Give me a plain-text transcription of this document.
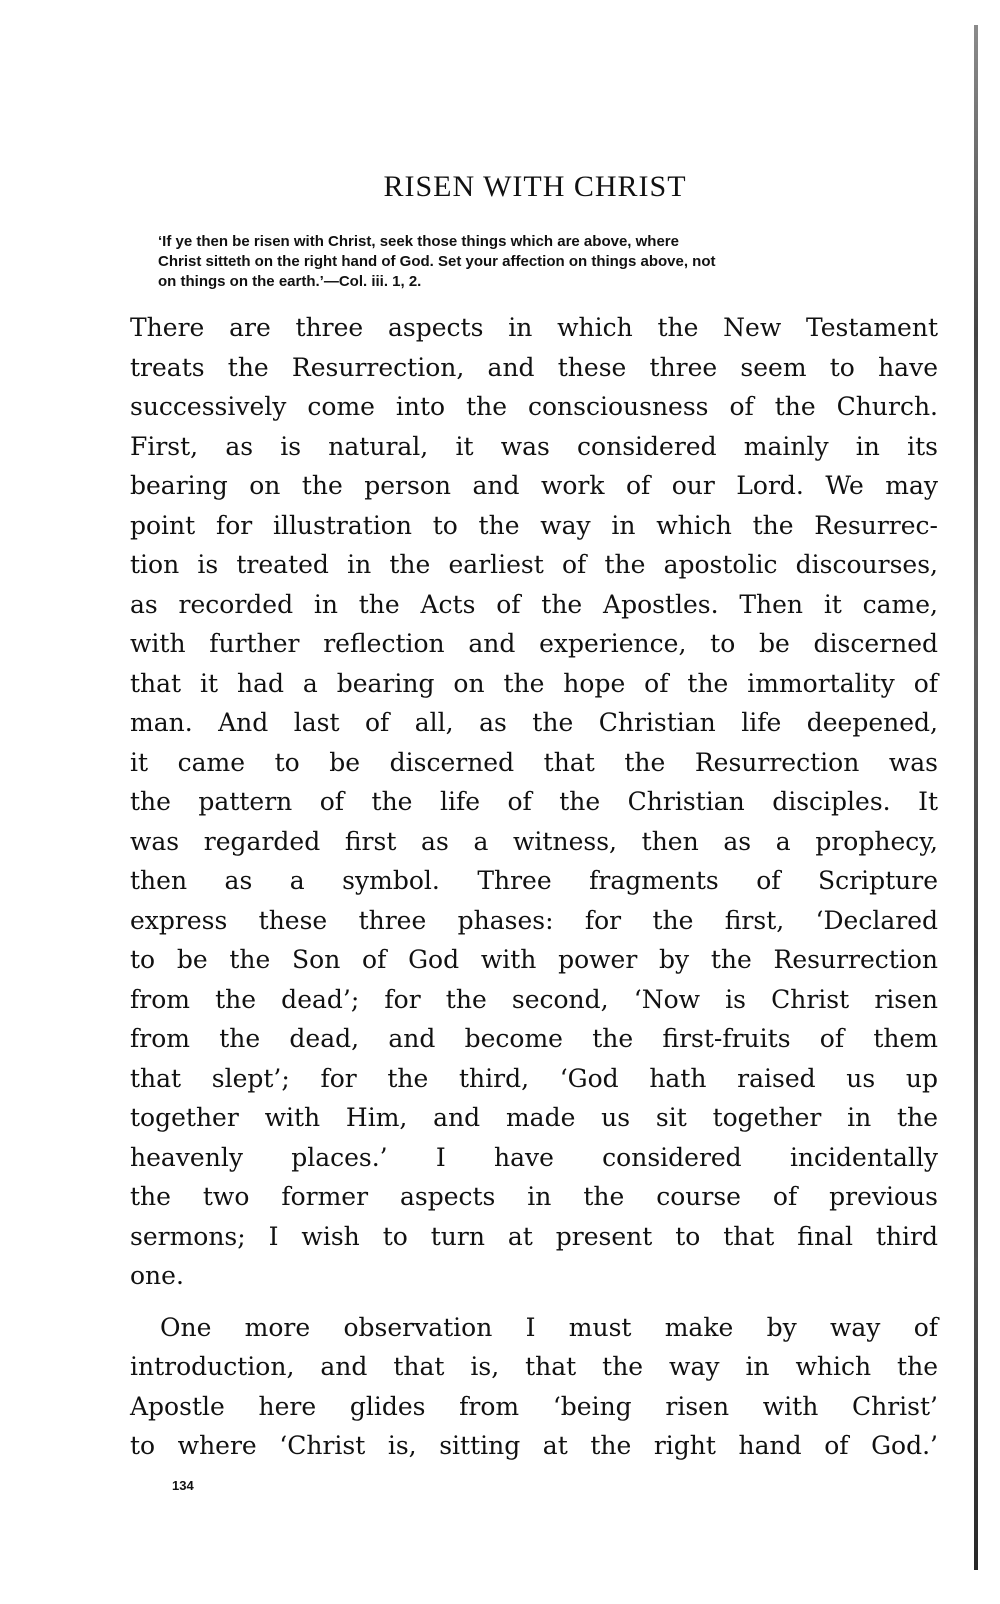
RISEN WITH CHRIST
‘If ye then be risen with Christ, seek those things which are above, where
Christ sitteth on the right hand of God. Set your affection on things above, not
on things on the earth.’—Col. iii. 1, 2.
There are three aspects in which the New Testament
treats the Resurrection, and these three seem to have
successively come into the consciousness of the Church.
First, as is natural, it was considered mainly in its
bearing on the person and work of our Lord. We may
point for illustration to the way in which the Resurrec-
tion is treated in the earliest of the apostolic discourses,
as recorded in the Acts of the Apostles. Then it came,
with further reflection and experience, to be discerned
that it had a bearing on the hope of the immortality of
man. And last of all, as the Christian life deepened,
it came to be discerned that the Resurrection was
the pattern of the life of the Christian disciples. It
was regarded first as a witness, then as a prophecy,
then as a symbol. Three fragments of Scripture
express these three phases: for the first, ‘Declared
to be the Son of God with power by the Resurrection
from the dead’; for the second, ‘Now is Christ risen
from the dead, and become the first-fruits of them
that slept’; for the third, ‘God hath raised us up
together with Him, and made us sit together in the
heavenly places.’ I have considered incidentally
the two former aspects in the course of previous
sermons; I wish to turn at present to that final third
one.
One more observation I must make by way of
introduction, and that is, that the way in which the
Apostle here glides from ‘being risen with Christ’
to where ‘Christ is, sitting at the right hand of God.’
134
